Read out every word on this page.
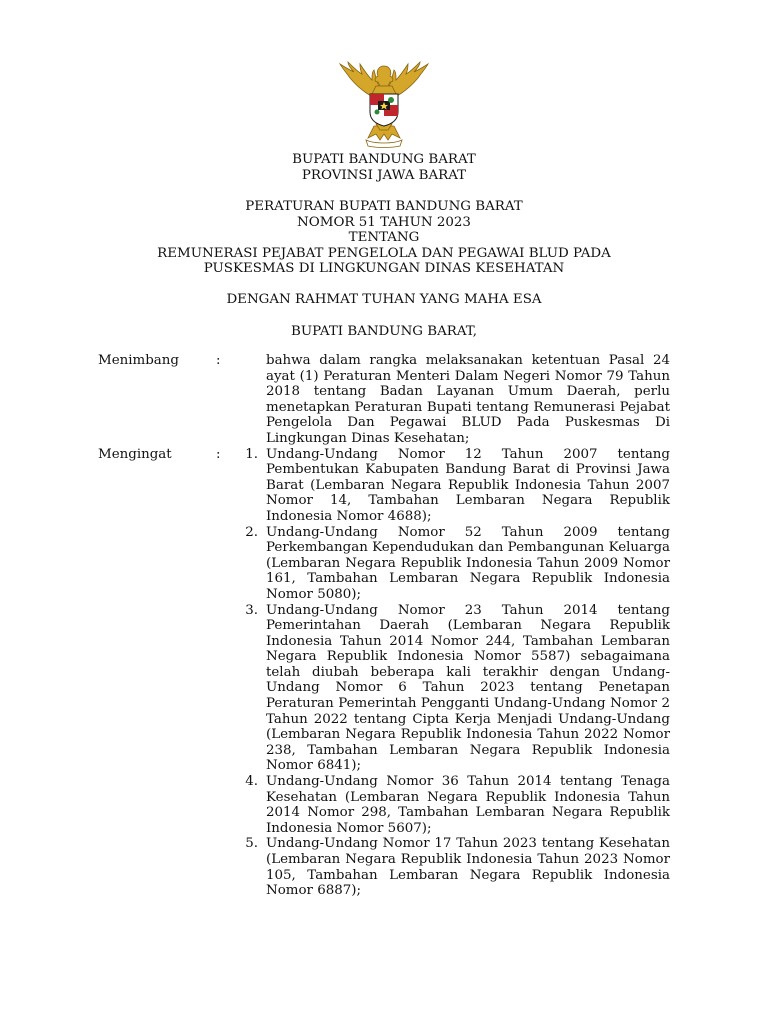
BUPATI BANDUNG BARAT
PROVINSI JAWA BARAT
PERATURAN BUPATI BANDUNG BARAT
NOMOR 51 TAHUN 2023
TENTANG
REMUNERASI PEJABAT PENGELOLA DAN PEGAWAI BLUD PADA
PUSKESMAS DI LINGKUNGAN DINAS KESEHATAN
DENGAN RAHMAT TUHAN YANG MAHA ESA
BUPATI BANDUNG BARAT,
Menimbang	:	bahwa dalam rangka melaksanakan ketentuan Pasal 24 ayat (1) Peraturan Menteri Dalam Negeri Nomor 79 Tahun 2018 tentang Badan Layanan Umum Daerah, perlu menetapkan Peraturan Bupati tentang Remunerasi Pejabat Pengelola Dan Pegawai BLUD Pada Puskesmas Di Lingkungan Dinas Kesehatan;
Mengingat	:	1. Undang-Undang Nomor 12 Tahun 2007 tentang Pembentukan Kabupaten Bandung Barat di Provinsi Jawa Barat (Lembaran Negara Republik Indonesia Tahun 2007 Nomor 14, Tambahan Lembaran Negara Republik Indonesia Nomor 4688);
2. Undang-Undang Nomor 52 Tahun 2009 tentang Perkembangan Kependudukan dan Pembangunan Keluarga (Lembaran Negara Republik Indonesia Tahun 2009 Nomor 161, Tambahan Lembaran Negara Republik Indonesia Nomor 5080);
3. Undang-Undang Nomor 23 Tahun 2014 tentang Pemerintahan Daerah (Lembaran Negara Republik Indonesia Tahun 2014 Nomor 244, Tambahan Lembaran Negara Republik Indonesia Nomor 5587) sebagaimana telah diubah beberapa kali terakhir dengan Undang-Undang Nomor 6 Tahun 2023 tentang Penetapan Peraturan Pemerintah Pengganti Undang-Undang Nomor 2 Tahun 2022 tentang Cipta Kerja Menjadi Undang-Undang (Lembaran Negara Republik Indonesia Tahun 2022 Nomor 238, Tambahan Lembaran Negara Republik Indonesia Nomor 6841);
4. Undang-Undang Nomor 36 Tahun 2014 tentang Tenaga Kesehatan (Lembaran Negara Republik Indonesia Tahun 2014 Nomor 298, Tambahan Lembaran Negara Republik Indonesia Nomor 5607);
5. Undang-Undang Nomor 17 Tahun 2023 tentang Kesehatan (Lembaran Negara Republik Indonesia Tahun 2023 Nomor 105, Tambahan Lembaran Negara Republik Indonesia Nomor 6887);
